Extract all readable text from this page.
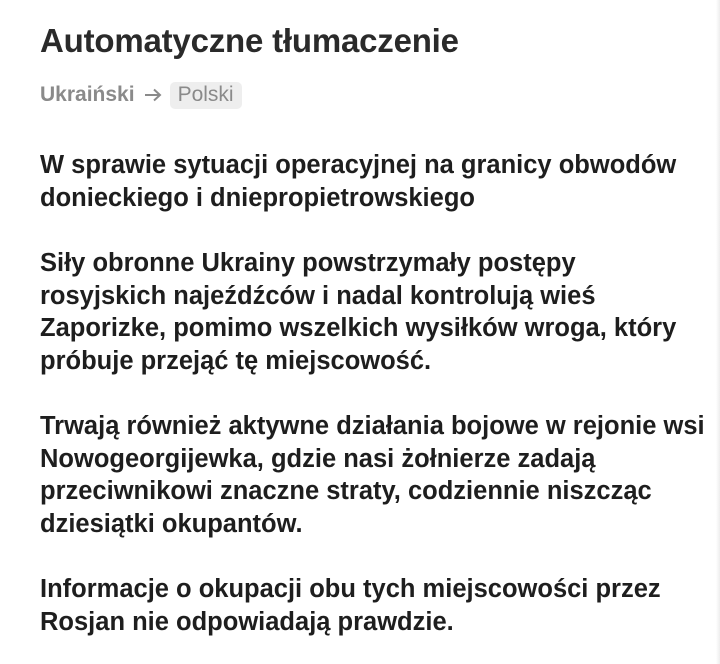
Automatyczne tłumaczenie
Ukraiński	Polski

W sprawie sytuacji operacyjnej na granicy obwodów donieckiego i dniepropietrowskiego

Siły obronne Ukrainy powstrzymały postępy rosyjskich najeźdźców i nadal kontrolują wieś Zaporizke, pomimo wszelkich wysiłków wroga, który próbuje przejąć tę miejscowość.

Trwają również aktywne działania bojowe w rejonie wsi Nowogeorgijewka, gdzie nasi żołnierze zadają przeciwnikowi znaczne straty, codziennie niszcząc dziesiątki okupantów.

Informacje o okupacji obu tych miejscowości przez Rosjan nie odpowiadają prawdzie.
